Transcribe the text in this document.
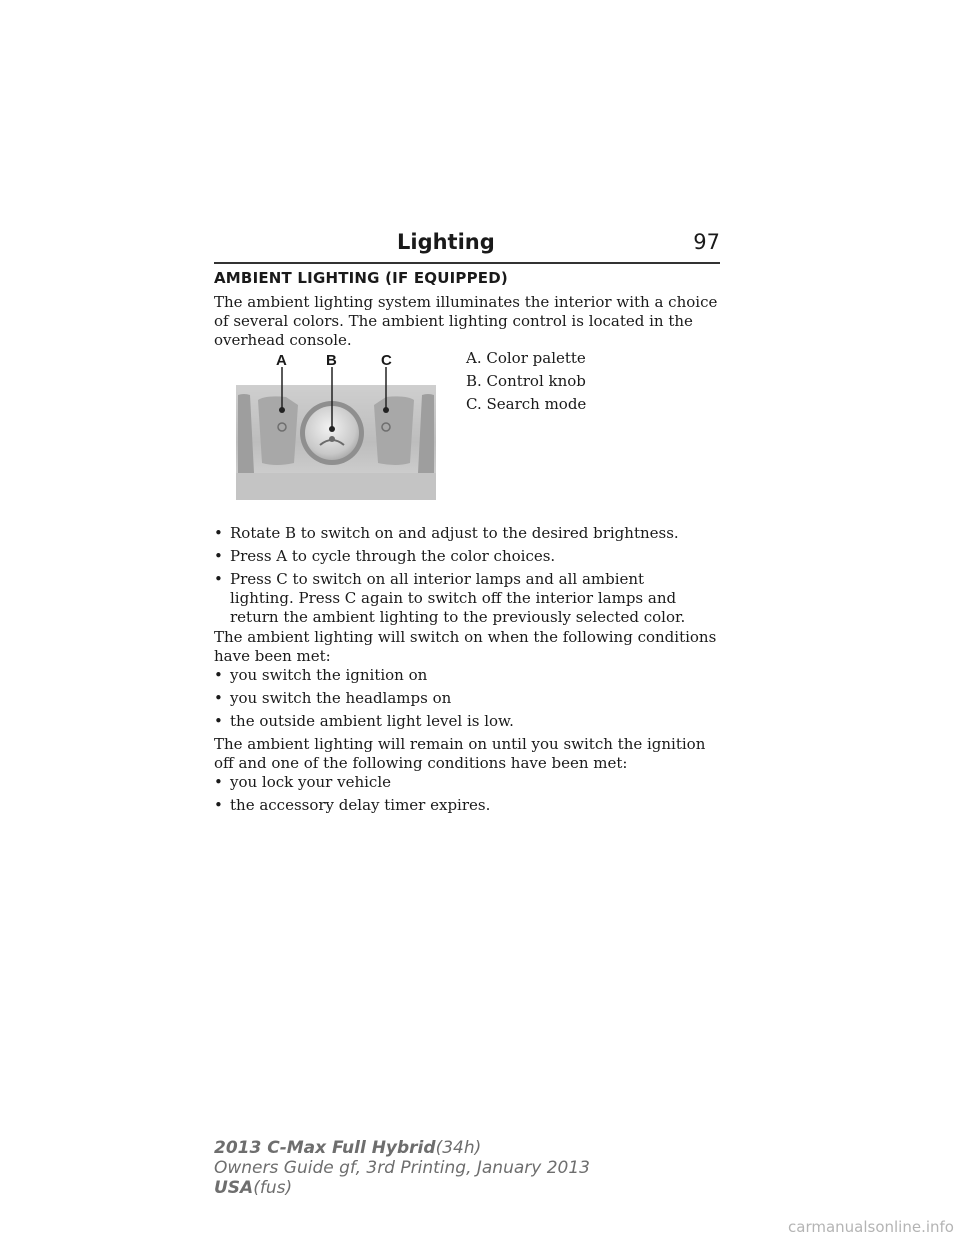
Lighting	97
AMBIENT LIGHTING (IF EQUIPPED)
The ambient lighting system illuminates the interior with a choice of several colors. The ambient lighting control is located in the overhead console.
A	B	C	A. Color palette
B. Control knob
C. Search mode
• Rotate B to switch on and adjust to the desired brightness.
• Press A to cycle through the color choices.
• Press C to switch on all interior lamps and all ambient lighting. Press C again to switch off the interior lamps and return the ambient lighting to the previously selected color.
The ambient lighting will switch on when the following conditions have been met:
• you switch the ignition on
• you switch the headlamps on
• the outside ambient light level is low.
The ambient lighting will remain on until you switch the ignition off and one of the following conditions have been met:
• you lock your vehicle
• the accessory delay timer expires.
2013 C-Max Full Hybrid(34h)
Owners Guide gf, 3rd Printing, January 2013
USA(fus)
carmanualsonline.info
